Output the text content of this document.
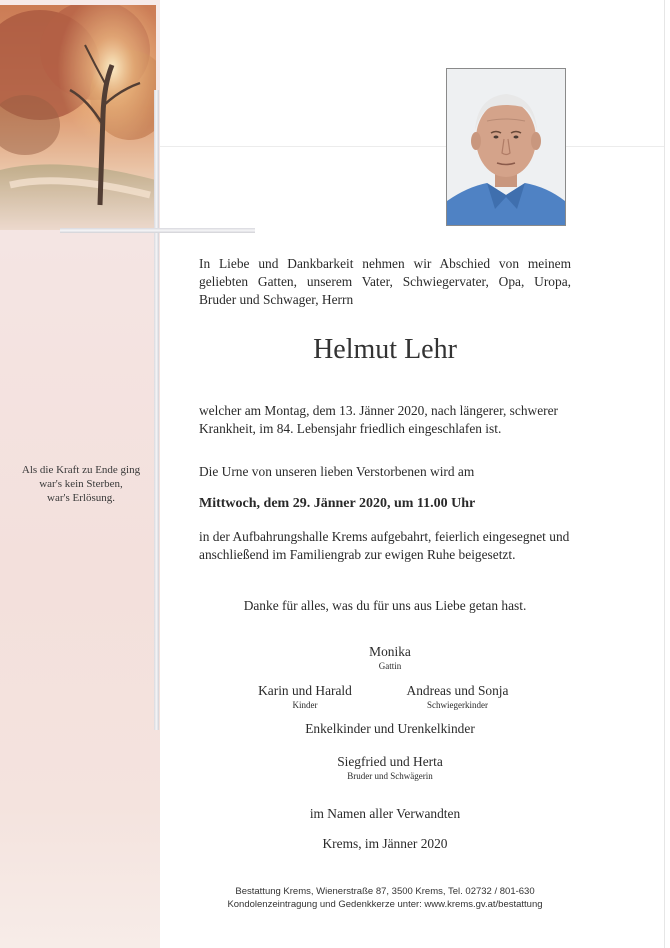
Als die Kraft zu Ende ging
war's kein Sterben,
war's Erlösung.
In Liebe und Dankbarkeit nehmen wir Abschied von meinem geliebten Gatten, unserem Vater, Schwiegervater, Opa, Uropa, Bruder und Schwager, Herrn
Helmut Lehr
welcher am Montag, dem 13. Jänner 2020, nach längerer, schwerer Krankheit, im 84. Lebensjahr friedlich eingeschlafen ist.
Die Urne von unseren lieben Verstorbenen wird am
Mittwoch, dem 29. Jänner 2020, um 11.00 Uhr
in der Aufbahrungshalle Krems aufgebahrt, feierlich eingesegnet und anschließend im Familiengrab zur ewigen Ruhe beigesetzt.
Danke für alles, was du für uns aus Liebe getan hast.
Monika
Gattin
Karin und Harald
Kinder
Andreas und Sonja
Schwiegerkinder
Enkelkinder und Urenkelkinder
Siegfried und Herta
Bruder und Schwägerin
im Namen aller Verwandten
Krems, im Jänner 2020
Bestattung Krems, Wienerstraße 87, 3500 Krems, Tel. 02732 / 801-630
Kondolenzeintragung und Gedenkkerze unter: www.krems.gv.at/bestattung
